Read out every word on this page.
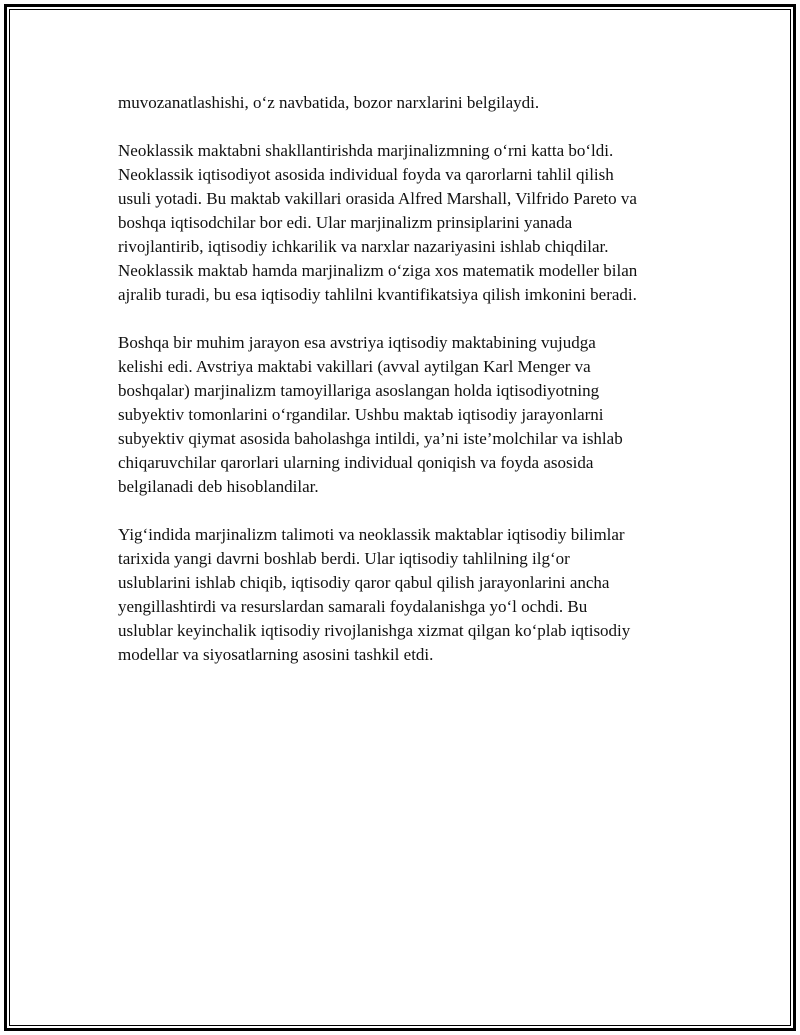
muvozanatlashishi, o‘z navbatida, bozor narxlarini belgilaydi.

Neoklassik maktabni shakllantirishda marjinalizmning o‘rni katta bo‘ldi.
Neoklassik iqtisodiyot asosida individual foyda va qarorlarni tahlil qilish
usuli yotadi. Bu maktab vakillari orasida Alfred Marshall, Vilfrido Pareto va
boshqa iqtisodchilar bor edi. Ular marjinalizm prinsiplarini yanada
rivojlantirib, iqtisodiy ichkarilik va narxlar nazariyasini ishlab chiqdilar.
Neoklassik maktab hamda marjinalizm o‘ziga xos matematik modeller bilan
ajralib turadi, bu esa iqtisodiy tahlilni kvantifikatsiya qilish imkonini beradi.

Boshqa bir muhim jarayon esa avstriya iqtisodiy maktabining vujudga
kelishi edi. Avstriya maktabi vakillari (avval aytilgan Karl Menger va
boshqalar) marjinalizm tamoyillariga asoslangan holda iqtisodiyotning
subyektiv tomonlarini o‘rgandilar. Ushbu maktab iqtisodiy jarayonlarni
subyektiv qiymat asosida baholashga intildi, ya’ni iste’molchilar va ishlab
chiqaruvchilar qarorlari ularning individual qoniqish va foyda asosida
belgilanadi deb hisoblandilar.

Yig‘indida marjinalizm talimoti va neoklassik maktablar iqtisodiy bilimlar
tarixida yangi davrni boshlab berdi. Ular iqtisodiy tahlilning ilg‘or
uslublarini ishlab chiqib, iqtisodiy qaror qabul qilish jarayonlarini ancha
yengillashtirdi va resurslardan samarali foydalanishga yo‘l ochdi. Bu
uslublar keyinchalik iqtisodiy rivojlanishga xizmat qilgan ko‘plab iqtisodiy
modellar va siyosatlarning asosini tashkil etdi.
